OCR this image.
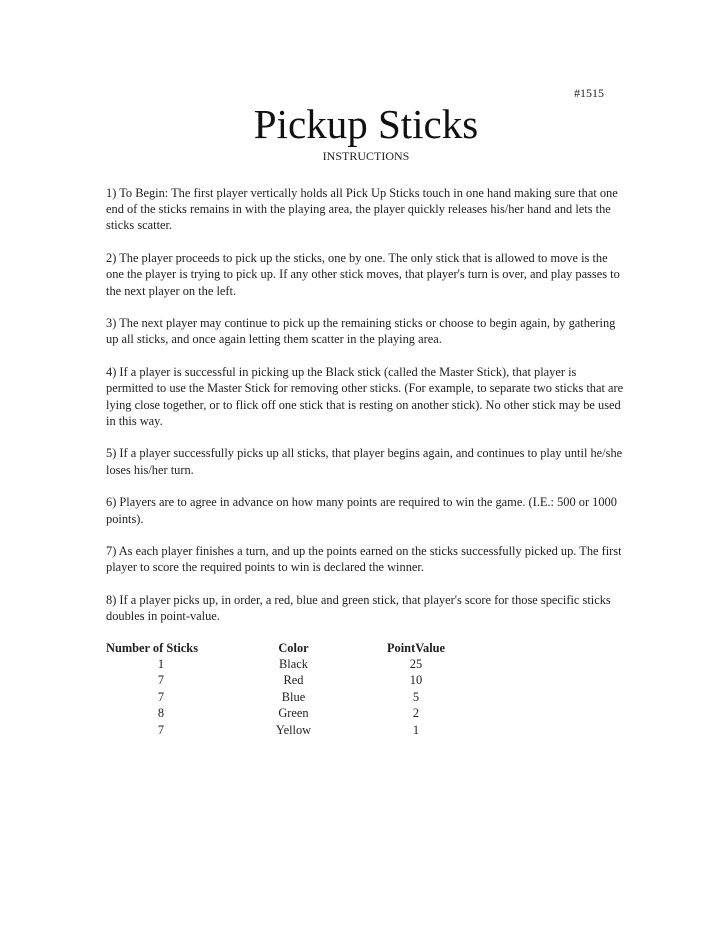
#1515
Pickup Sticks
INSTRUCTIONS

1) To Begin: The first player vertically holds all Pick Up Sticks touch in one hand making sure that one end of the sticks remains in with the playing area, the player quickly releases his/her hand and lets the sticks scatter.

2) The player proceeds to pick up the sticks, one by one. The only stick that is allowed to move is the one the player is trying to pick up. If any other stick moves, that player's turn is over, and play passes to the next player on the left.

3) The next player may continue to pick up the remaining sticks or choose to begin again, by gathering up all sticks, and once again letting them scatter in the playing area.

4) If a player is successful in picking up the Black stick (called the Master Stick), that player is permitted to use the Master Stick for removing other sticks. (For example, to separate two sticks that are lying close together, or to flick off one stick that is resting on another stick). No other stick may be used in this way.

5) If a player successfully picks up all sticks, that player begins again, and continues to play until he/she loses his/her turn.

6) Players are to agree in advance on how many points are required to win the game. (I.E.: 500 or 1000 points).

7) As each player finishes a turn, and up the points earned on the sticks successfully picked up. The first player to score the required points to win is declared the winner.

8) If a player picks up, in order, a red, blue and green stick, that player's score for those specific sticks doubles in point-value.

Number of Sticks	Color	PointValue
1	Black	25
7	Red	10
7	Blue	5
8	Green	2
7	Yellow	1
